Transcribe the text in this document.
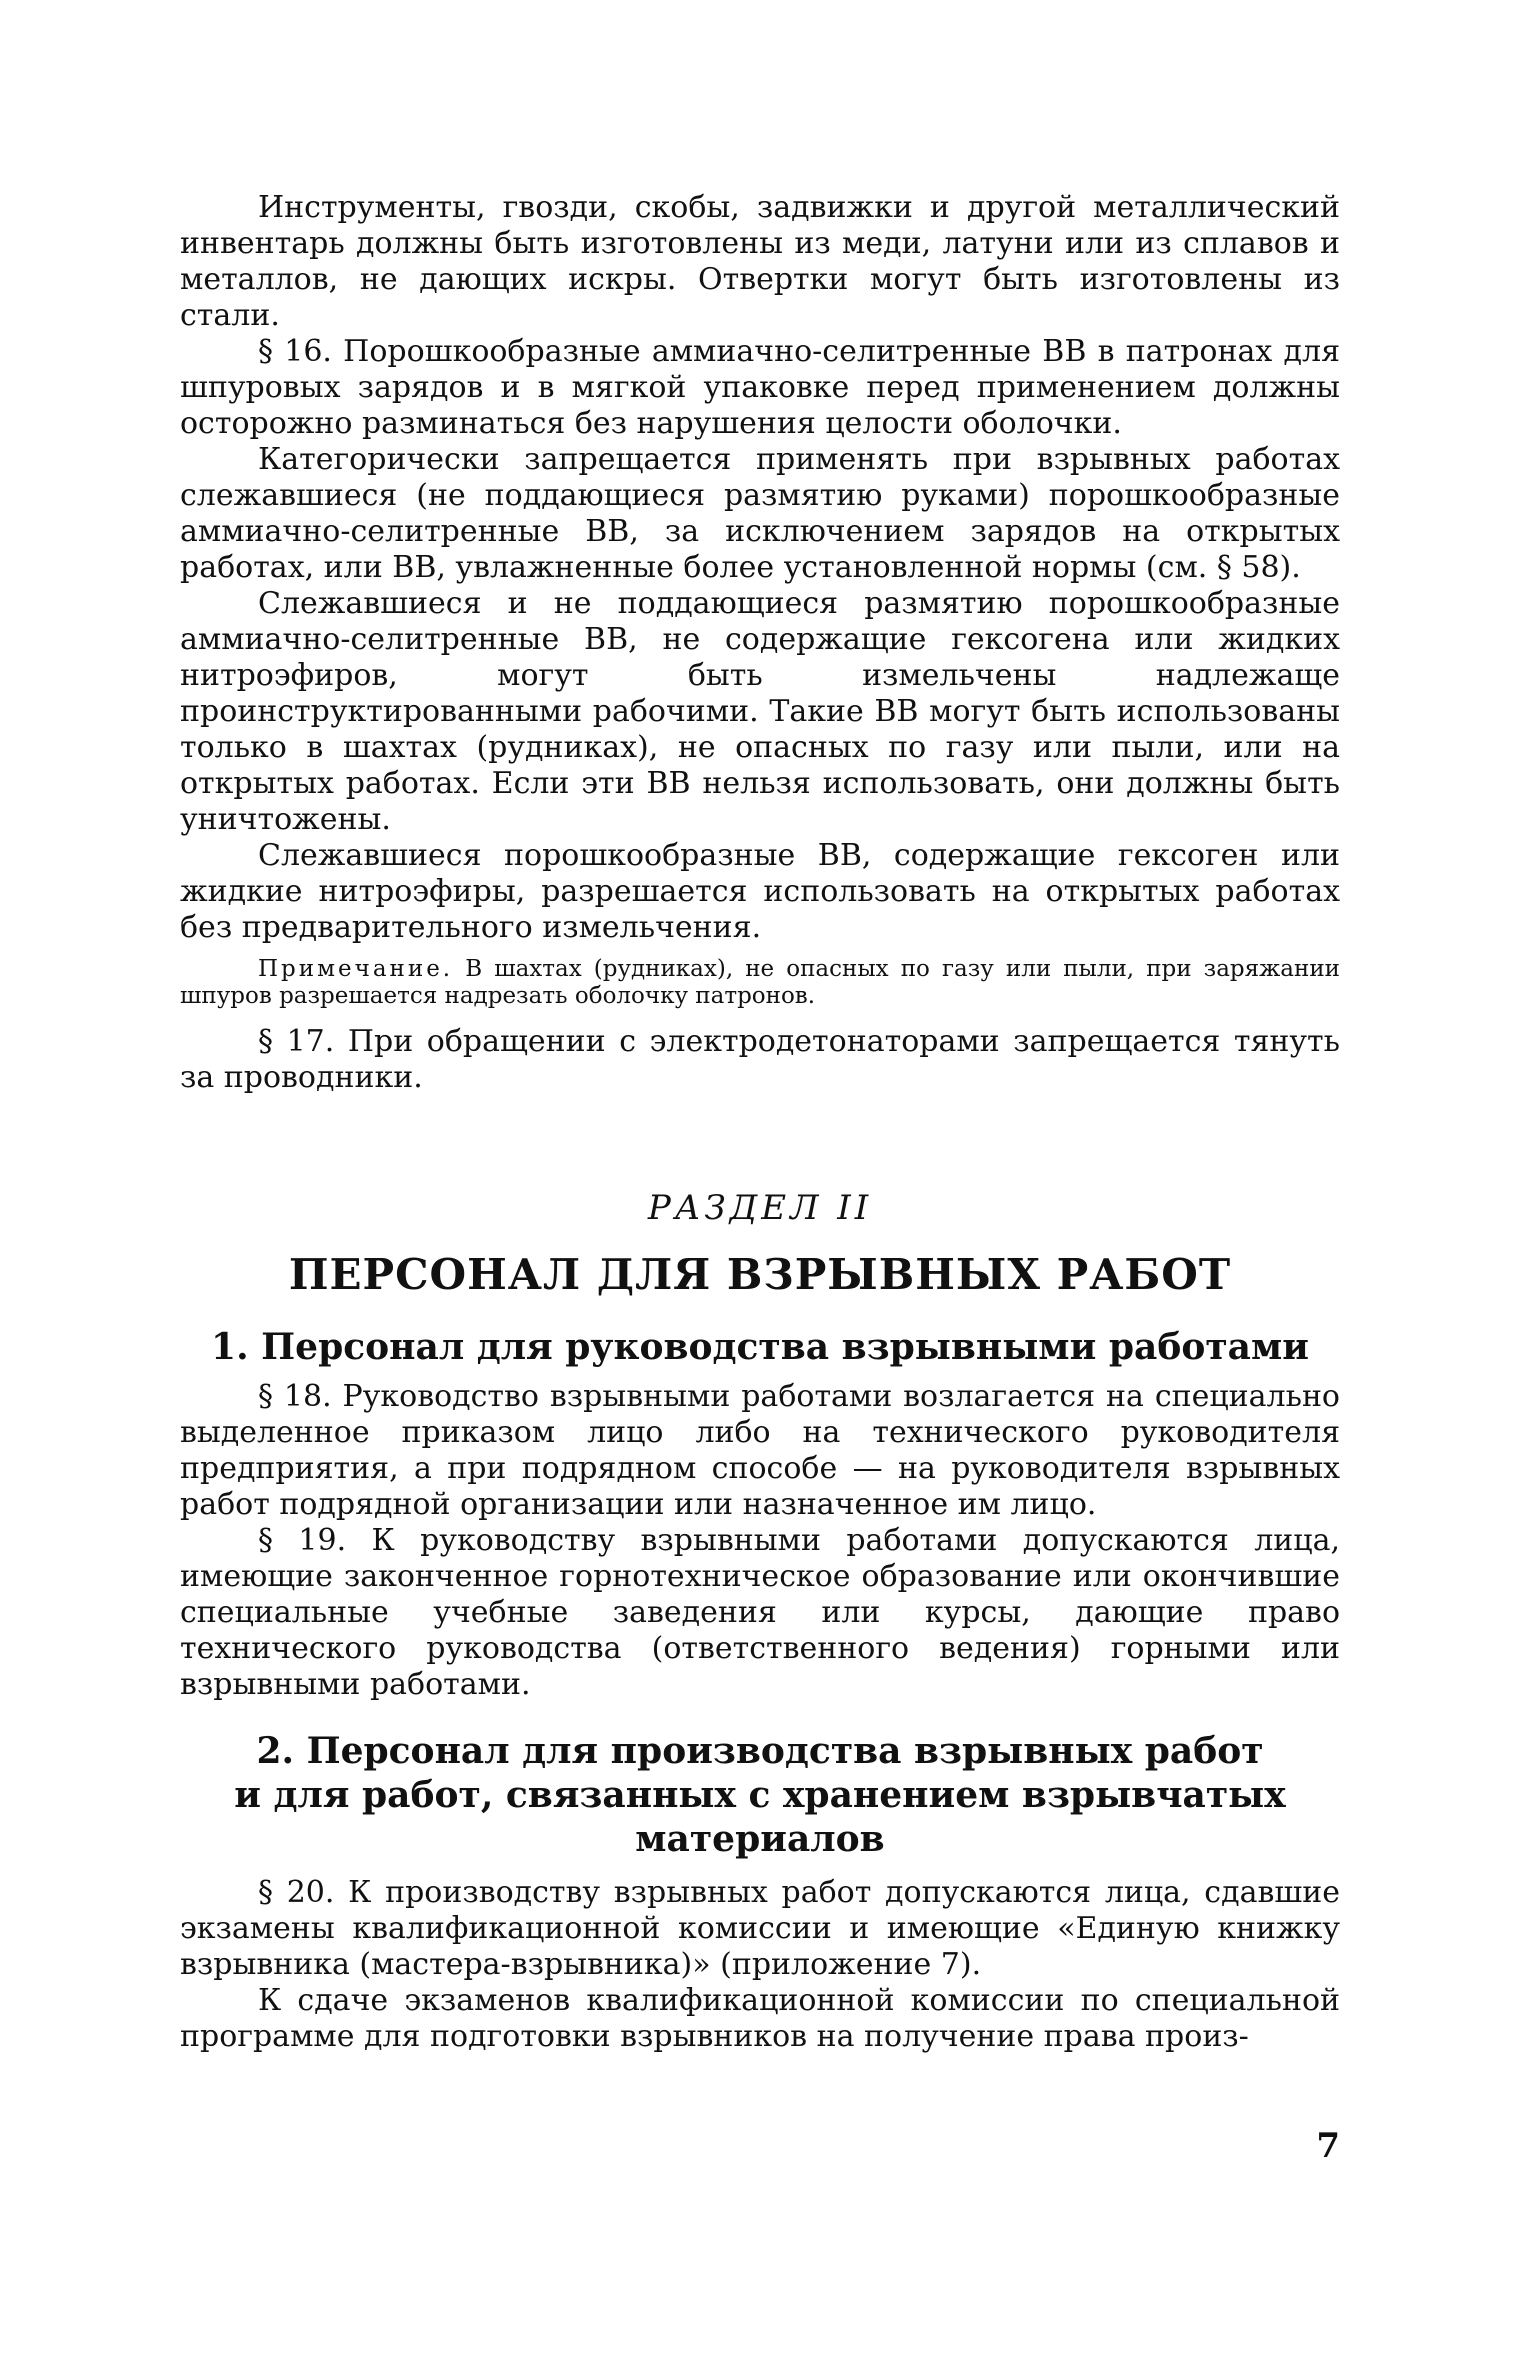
Инструменты, гвозди, скобы, задвижки и другой металлический инвентарь должны быть изготовлены из меди, латуни или из сплавов и металлов, не дающих искры. Отвертки могут быть изготовлены из стали.

§ 16. Порошкообразные аммиачно-селитренные ВВ в патронах для шпуровых зарядов и в мягкой упаковке перед применением должны осторожно разминаться без нарушения целости оболочки.

Категорически запрещается применять при взрывных работах слежавшиеся (не поддающиеся размятию руками) порошкообразные аммиачно-селитренные ВВ, за исключением зарядов на открытых работах, или ВВ, увлажненные более установленной нормы (см. § 58).

Слежавшиеся и не поддающиеся размятию порошкообразные аммиачно-селитренные ВВ, не содержащие гексогена или жидких нитроэфиров, могут быть измельчены надлежаще проинструктированными рабочими. Такие ВВ могут быть использованы только в шахтах (рудниках), не опасных по газу или пыли, или на открытых работах. Если эти ВВ нельзя использовать, они должны быть уничтожены.

Слежавшиеся порошкообразные ВВ, содержащие гексоген или жидкие нитроэфиры, разрешается использовать на открытых работах без предварительного измельчения.

Примечание. В шахтах (рудниках), не опасных по газу или пыли, при заряжании шпуров разрешается надрезать оболочку патронов.

§ 17. При обращении с электродетонаторами запрещается тянуть за проводники.

РАЗДЕЛ II
ПЕРСОНАЛ ДЛЯ ВЗРЫВНЫХ РАБОТ
1. Персонал для руководства взрывными работами

§ 18. Руководство взрывными работами возлагается на специально выделенное приказом лицо либо на технического руководителя предприятия, а при подрядном способе — на руководителя взрывных работ подрядной организации или назначенное им лицо.

§ 19. К руководству взрывными работами допускаются лица, имеющие законченное горнотехническое образование или окончившие специальные учебные заведения или курсы, дающие право технического руководства (ответственного ведения) горными или взрывными работами.

2. Персонал для производства взрывных работ
и для работ, связанных с хранением взрывчатых
материалов

§ 20. К производству взрывных работ допускаются лица, сдавшие экзамены квалификационной комиссии и имеющие «Единую книжку взрывника (мастера-взрывника)» (приложение 7).

К сдаче экзаменов квалификационной комиссии по специальной программе для подготовки взрывников на получение права произ-

7
